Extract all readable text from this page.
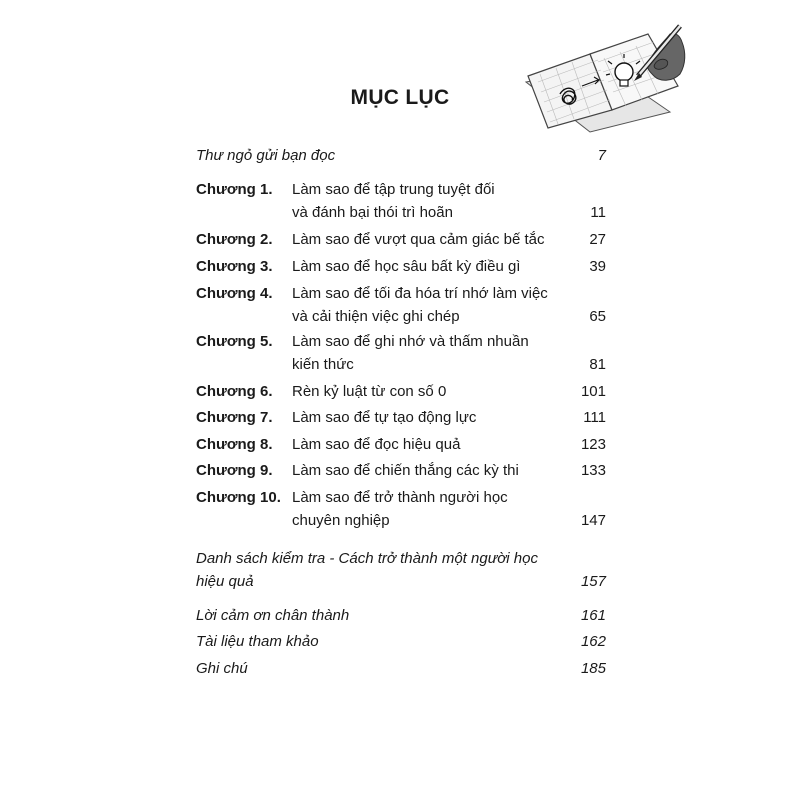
MỤC LỤC
Thư ngỏ gửi bạn đọc	7
Chương 1. Làm sao để tập trung tuyệt đối
và đánh bại thói trì hoãn	11
Chương 2. Làm sao để vượt qua cảm giác bế tắc	27
Chương 3. Làm sao để học sâu bất kỳ điều gì	39
Chương 4. Làm sao để tối đa hóa trí nhớ làm việc
và cải thiện việc ghi chép	65
Chương 5. Làm sao để ghi nhớ và thấm nhuần
kiến thức	81
Chương 6. Rèn kỷ luật từ con số 0	101
Chương 7. Làm sao để tự tạo động lực	111
Chương 8. Làm sao để đọc hiệu quả	123
Chương 9. Làm sao để chiến thắng các kỳ thi	133
Chương 10. Làm sao để trở thành người học
chuyên nghiệp	147
Danh sách kiểm tra - Cách trở thành một người học
hiệu quả	157
Lời cảm ơn chân thành	161
Tài liệu tham khảo	162
Ghi chú	185
